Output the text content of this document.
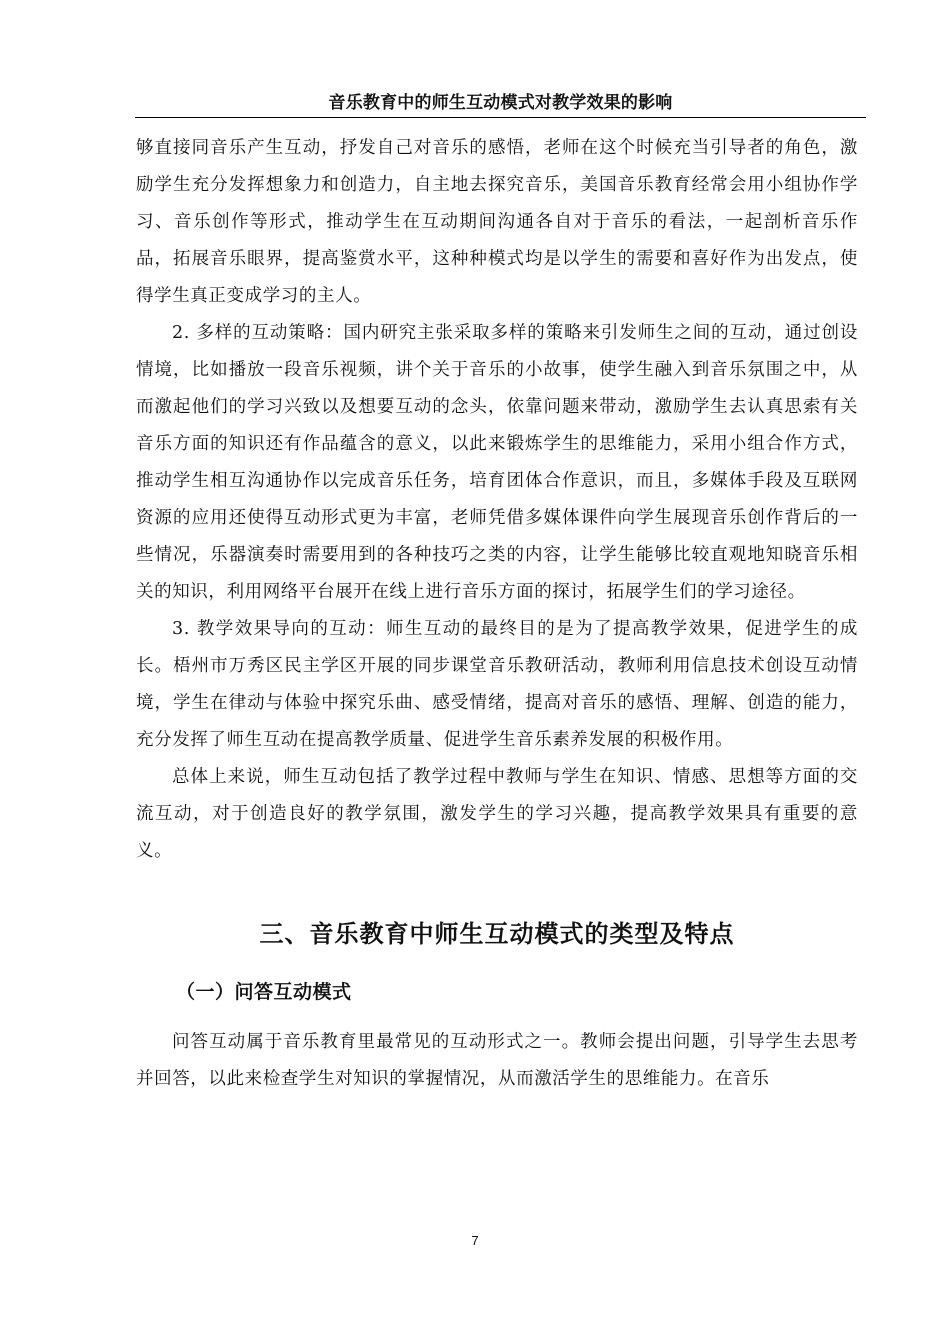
音乐教育中的师生互动模式对教学效果的影响

够直接同音乐产生互动，抒发自己对音乐的感悟，老师在这个时候充当引导者的角色，激励学生充分发挥想象力和创造力，自主地去探究音乐，美国音乐教育经常会用小组协作学习、音乐创作等形式，推动学生在互动期间沟通各自对于音乐的看法，一起剖析音乐作品，拓展音乐眼界，提高鉴赏水平，这种种模式均是以学生的需要和喜好作为出发点，使得学生真正变成学习的主人。

2. 多样的互动策略：国内研究主张采取多样的策略来引发师生之间的互动，通过创设情境，比如播放一段音乐视频，讲个关于音乐的小故事，使学生融入到音乐氛围之中，从而激起他们的学习兴致以及想要互动的念头，依靠问题来带动，激励学生去认真思索有关音乐方面的知识还有作品蕴含的意义，以此来锻炼学生的思维能力，采用小组合作方式，推动学生相互沟通协作以完成音乐任务，培育团体合作意识，而且，多媒体手段及互联网资源的应用还使得互动形式更为丰富，老师凭借多媒体课件向学生展现音乐创作背后的一些情况，乐器演奏时需要用到的各种技巧之类的内容，让学生能够比较直观地知晓音乐相关的知识，利用网络平台展开在线上进行音乐方面的探讨，拓展学生们的学习途径。

3. 教学效果导向的互动：师生互动的最终目的是为了提高教学效果，促进学生的成长。梧州市万秀区民主学区开展的同步课堂音乐教研活动，教师利用信息技术创设互动情境，学生在律动与体验中探究乐曲、感受情绪，提高对音乐的感悟、理解、创造的能力，充分发挥了师生互动在提高教学质量、促进学生音乐素养发展的积极作用。

总体上来说，师生互动包括了教学过程中教师与学生在知识、情感、思想等方面的交流互动，对于创造良好的教学氛围，激发学生的学习兴趣，提高教学效果具有重要的意义。

三、音乐教育中师生互动模式的类型及特点
（一）问答互动模式

问答互动属于音乐教育里最常见的互动形式之一。教师会提出问题，引导学生去思考并回答，以此来检查学生对知识的掌握情况，从而激活学生的思维能力。在音乐

7
